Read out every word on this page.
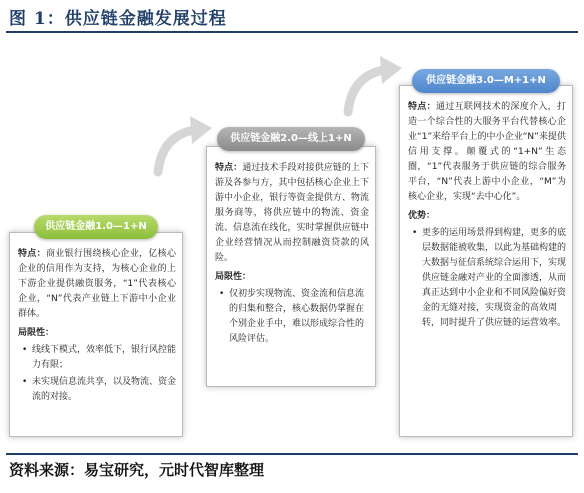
图 1：供应链金融发展过程

特点：商业银行围绕核心企业，亿核心企业的信用作为支持，为核心企业的上下游企业提供融资服务，“1”代表核心企业，“N”代表产业链上下游中小企业群体。

局限性：
• 线线下模式，效率低下，银行风控能力有限；
• 未实现信息流共享，以及物流、资金流的对接。
供应链金融1.0—1+N

特点：通过技术手段对接供应链的上下游及各参与方，其中包括核心企业上下游中小企业，银行等资金提供方、物流服务商等，将供应链中的物流、资金流、信息流在线化，实时掌握供应链中企业经营情况从而控制融资贷款的风险。

局限性：
• 仅初步实现物流、资金流和信息流的归集和整合，核心数据仍掌握在个别企业手中，难以形成综合性的风险评估。
供应链金融2.0—线上1+N

特点：通过互联网技术的深度介入，打造一个综合性的大服务平台代替核心企业“1”来给平台上的中小企业“N”来提供信用支撑。颠覆式的“1+N”生态圈，“1”代表服务于供应链的综合服务平台，“N”代表上游中小企业，“M”为核心企业，实现“去中心化”。

优势：
• 更多的运用场景得到构建，更多的底层数据能被收集，以此为基础构建的大数据与征信系统综合运用下，实现供应链金融对产业的全面渗透，从而真正达到中小企业和不同风险偏好资金的无缝对接，实现资金的高效周转，同时提升了供应链的运营效率。
供应链金融3.0—M+1+N
资料来源：易宝研究，元时代智库整理
